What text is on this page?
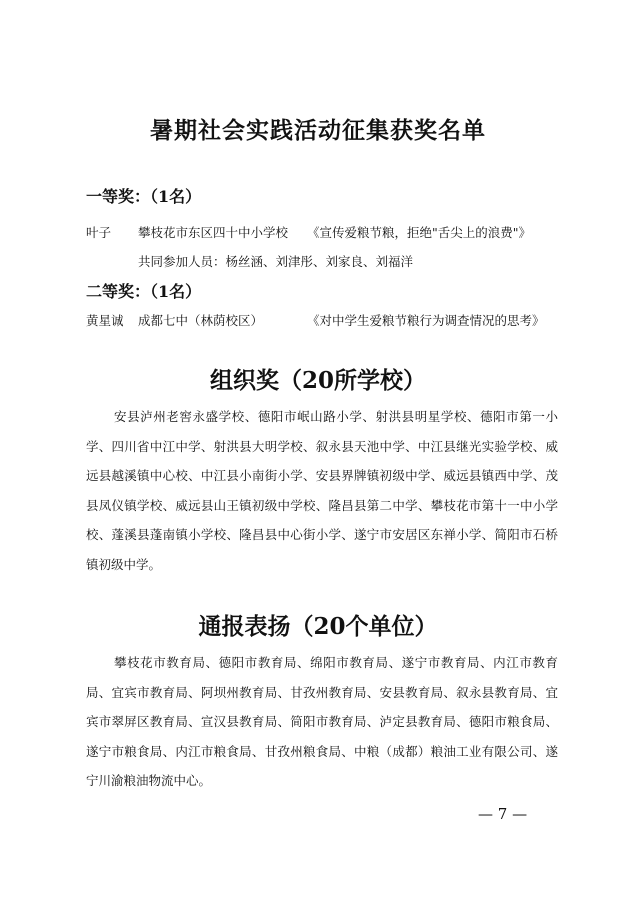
暑期社会实践活动征集获奖名单
一等奖：（1名）
叶子 攀枝花市东区四十中小学校 《宣传爱粮节粮，拒绝"舌尖上的浪费"》
共同参加人员：杨丝涵、刘津彤、刘家良、刘福洋
二等奖：（1名）
黄星诚 成都七中（林荫校区）	《对中学生爱粮节粮行为调查情况的思考》
组织奖（20所学校）
安县泸州老窖永盛学校、德阳市岷山路小学、射洪县明星学校、德阳市第一小学、四川省中江中学、射洪县大明学校、叙永县天池中学、中江县继光实验学校、威远县越溪镇中心校、中江县小南街小学、安县界牌镇初级中学、威远县镇西中学、茂县凤仪镇学校、威远县山王镇初级中学校、隆昌县第二中学、攀枝花市第十一中小学校、蓬溪县蓬南镇小学校、隆昌县中心街小学、遂宁市安居区东禅小学、简阳市石桥镇初级中学。
通报表扬（20个单位）
攀枝花市教育局、德阳市教育局、绵阳市教育局、遂宁市教育局、内江市教育局、宜宾市教育局、阿坝州教育局、甘孜州教育局、安县教育局、叙永县教育局、宜宾市翠屏区教育局、宣汉县教育局、简阳市教育局、泸定县教育局、德阳市粮食局、遂宁市粮食局、内江市粮食局、甘孜州粮食局、中粮（成都）粮油工业有限公司、遂宁川渝粮油物流中心。
— 7 —
